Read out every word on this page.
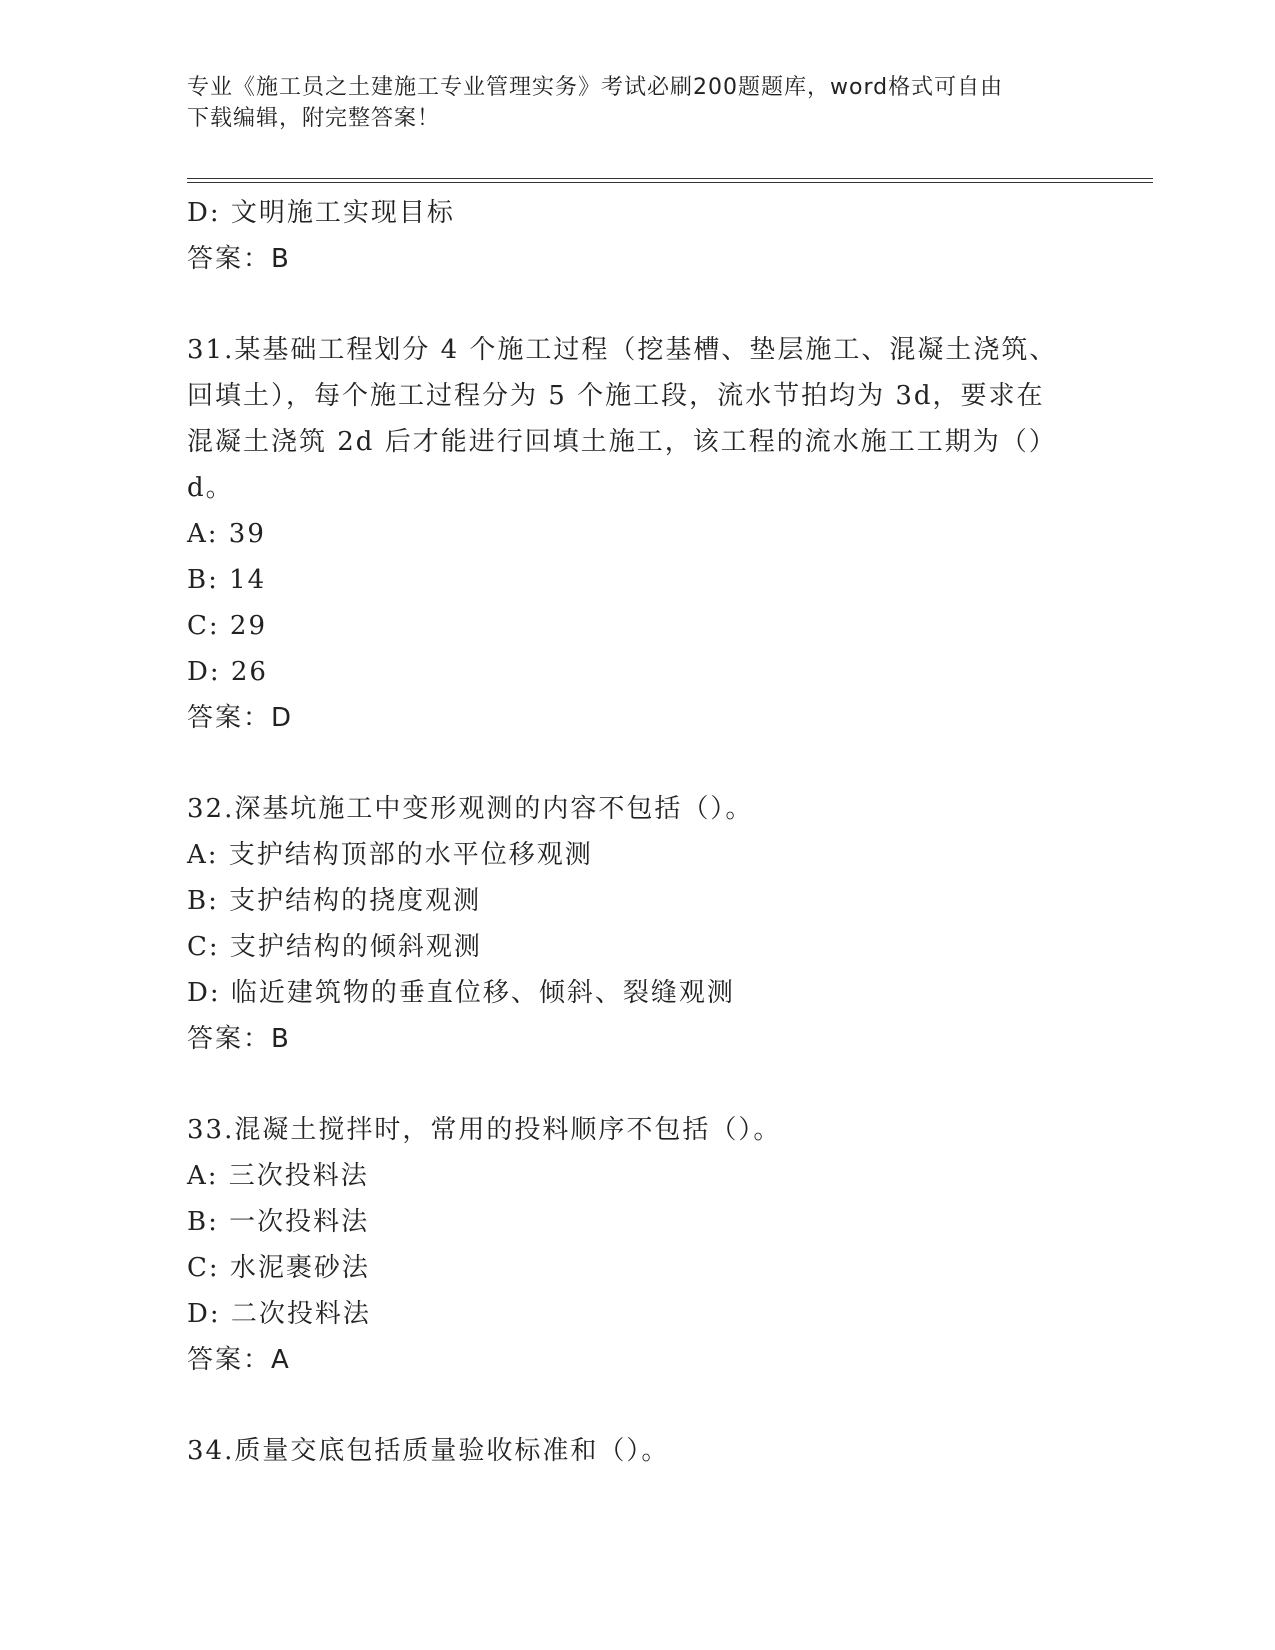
专业《施工员之土建施工专业管理实务》考试必刷200题题库，word格式可自由
下载编辑，附完整答案！
D: 文明施工实现目标
答案：B
31.某基础工程划分 4 个施工过程（挖基槽、垫层施工、混凝土浇筑、
回填土），每个施工过程分为 5 个施工段，流水节拍均为 3d，要求在
混凝土浇筑 2d 后才能进行回填土施工，该工程的流水施工工期为（）
d。
A: 39
B: 14
C: 29
D: 26
答案：D
32.深基坑施工中变形观测的内容不包括（）。
A: 支护结构顶部的水平位移观测
B: 支护结构的挠度观测
C: 支护结构的倾斜观测
D: 临近建筑物的垂直位移、倾斜、裂缝观测
答案：B
33.混凝土搅拌时，常用的投料顺序不包括（）。
A: 三次投料法
B: 一次投料法
C: 水泥裹砂法
D: 二次投料法
答案：A
34.质量交底包括质量验收标准和（）。
